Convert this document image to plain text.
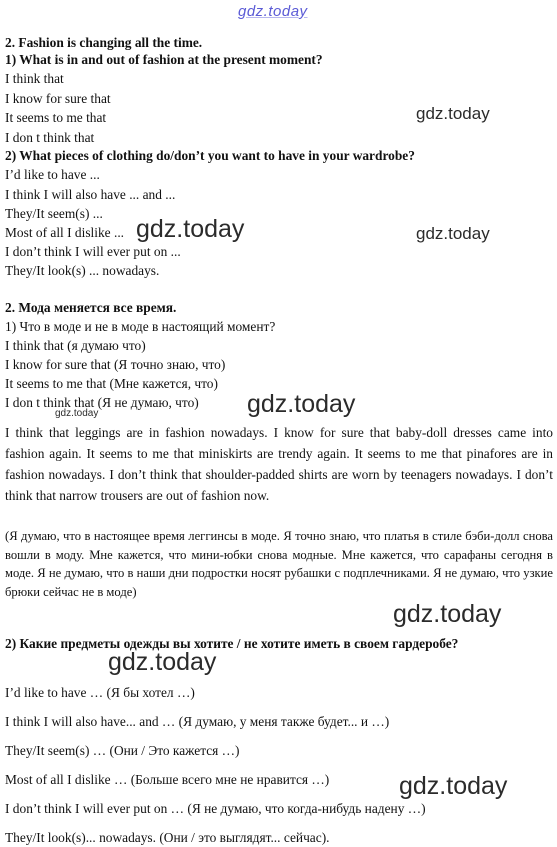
gdz.today
2. Fashion is changing all the time.
1) What is in and out of fashion at the present moment?
I think that
I know for sure that
It seems to me that
I don t think that
2) What pieces of clothing do/don’t you want to have in your wardrobe?
I’d like to have ...
I think I will also have ... and ...
They/It seem(s) ...
Most of all I dislike ...
I don’t think I will ever put on ...
They/It look(s) ... nowadays.
2. Мода меняется все время.
1) Что в моде и не в моде в настоящий момент?
I think that (я думаю что)
I know for sure that (Я точно знаю, что)
It seems to me that (Мне кажется, что)
I don t think that (Я не думаю, что)
I think that leggings are in fashion nowadays. I know for sure that baby-doll dresses came into fashion again. It seems to me that miniskirts are trendy again. It seems to me that pinafores are in fashion nowadays. I don’t think that shoulder-padded shirts are worn by teenagers nowadays. I don’t think that narrow trousers are out of fashion now.
(Я думаю, что в настоящее время леггинсы в моде. Я точно знаю, что платья в стиле бэби-долл снова вошли в моду. Мне кажется, что мини-юбки снова модные. Мне кажется, что сарафаны сегодня в моде. Я не думаю, что в наши дни подростки носят рубашки с подплечниками. Я не думаю, что узкие брюки сейчас не в моде)
2) Какие предметы одежды вы хотите / не хотите иметь в своем гардеробе?
I’d like to have … (Я бы хотел …)
I think I will also have... and … (Я думаю, у меня также будет... и …)
They/It seem(s) … (Они / Это кажется …)
Most of all I dislike … (Больше всего мне не нравится …)
I don’t think I will ever put on … (Я не думаю, что когда-нибудь надену …)
They/It look(s)... nowadays. (Они / это выглядят... сейчас).
gdz.today
gdz.today	gdz.today
gdz.today
gdz.today
gdz.today
gdz.today
gdz.today
